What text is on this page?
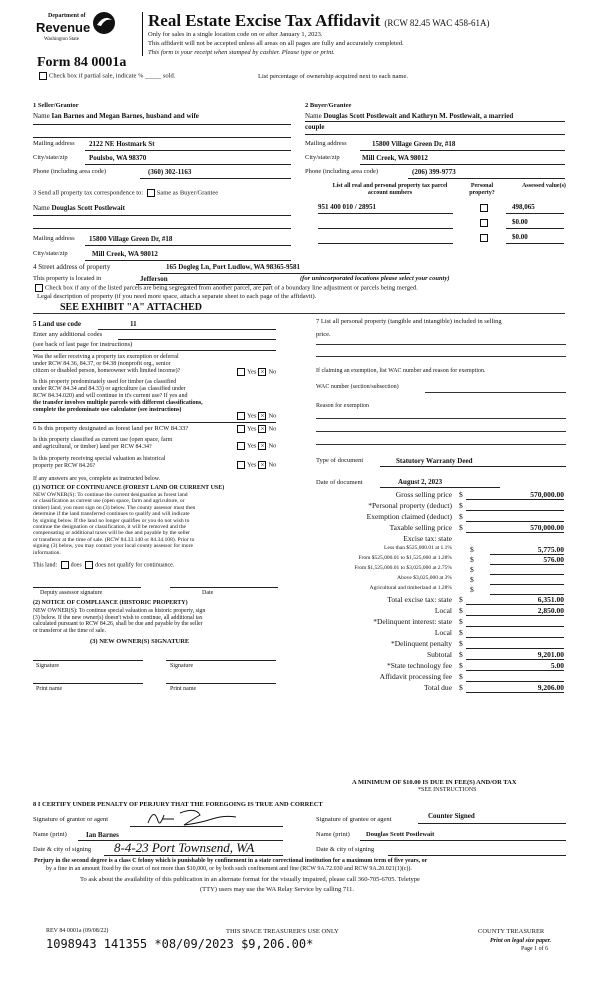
Department of
Revenue
Washington State
Real Estate Excise Tax Affidavit (RCW 82.45 WAC 458-61A)
Only for sales in a single location code on or after January 1, 2023.
This affidavit will not be accepted unless all areas on all pages are fully and accurately completed.
This form is your receipt when stamped by cashier. Please type or print.
Form 84 0001a
Check box if partial sale, indicate % _____ sold.	List percentage of ownership acquired next to each name.
1 Seller/Grantor
Name Ian Barnes and Megan Barnes, husband and wife
Mailing address 2122 NE Hostmark St
City/state/zip	Poulsbo, WA 98370
Phone (including area code)	(360) 302-1163
2 Buyer/Grantee
Name Douglas Scott Postlewait and Kathryn M. Postlewait, a married
couple
Mailing address	15800 Village Green Dr, #18
City/state/zip	Mill Creek, WA 98012
Phone (including area code)	(206) 399-9773
3 Send all property tax correspondence to: Same as Buyer/Grantee
Name Douglas Scott Postlewait
Mailing address 15800 Village Green Dr, #18
City/state/zip	Mill Creek, WA 98012
List all real and personal property tax parcel account numbers
Personal property?
Assessed value(s)
951 400 010 / 28951	498,065
$0.00
$0.00
4 Street address of property	165 Dogleg Ln, Port Ludlow, WA 98365-9581
This property is located in	Jefferson	(for unincorporated locations please select your county)
Check box if any of the listed parcels are being segregated from another parcel, are part of a boundary line adjustment or parcels being merged.
Legal description of property (if you need more space, attach a separate sheet to each page of the affidavit).
SEE EXHIBIT "A" ATTACHED
5 Land use code	11
Enter any additional codes
(see back of last page for instructions)
Was the seller receiving a property tax exemption or deferral
under RCW 84.36, 84.37, or 84.38 (nonprofit org., senior
citizen or disabled person, homeowner with limited income)?	Yes × No
Is this property predominately used for timber (as classified
under RCW 84.34 and 84.33) or agriculture (as classified under
RCW 84.34.020) and will continue in it's current use? If yes and
the transfer involves multiple parcels with different classifications,
complete the predominate use calculator (see instructions)
Yes × No
6 Is this property designated as forest land per RCW 84.33?	Yes × No
Is this property classified as current use (open space, farm
and agricultural, or timber) land per RCW 84.34?	Yes × No
Is this property receiving special valuation as historical
property per RCW 84.26?	Yes × No
If any answers are yes, complete as instructed below.
(1) NOTICE OF CONTINUANCE (FOREST LAND OR CURRENT USE)
NEW OWNER(S): To continue the current designation as forest land
or classification as current use (open space, farm and agriculture, or
timber) land, you must sign on (3) below. The county assessor must then
determine if the land transferred continues to qualify and will indicate
by signing below. If the land no longer qualifies or you do not wish to
continue the designation or classification, it will be removed and the
compensating or additional taxes will be due and payable by the seller
or transferor at the time of sale. (RCW 84.33.140 or 84.34.108). Prior to
signing (3) below, you may contact your local county assessor for more
information.
This land: does does not qualify for continuance.
Deputy assessor signature	Date
(2) NOTICE OF COMPLIANCE (HISTORIC PROPERTY)
NEW OWNER(S): To continue special valuation as historic property, sign
(3) below. If the new owner(s) doesn't wish to continue, all additional tax
calculated pursuant to RCW 84.26, shall be due and payable by the seller
or transferor at the time of sale.
(3) NEW OWNER(S) SIGNATURE
Signature	Signature
Print name	Print name
7 List all personal property (tangible and intangible) included in selling
price.
If claiming an exemption, list WAC number and reason for exemption.
WAC number (section/subsection)
Reason for exemption
Type of document	Statutory Warranty Deed
Date of document	August 2, 2023
Gross selling price $	570,000.00
*Personal property (deduct) $
Exemption claimed (deduct) $
Taxable selling price $	570,000.00
Excise tax: state
Less than $525,000.01 at 1.1% $	5,775.00
From $525,000.01 to $1,525,000 at 1.28% $	576.00
From $1,525,000.01 to $3,025,000 at 2.75% $
Above $3,025,000 at 3% $
Agricultural and timberland at 1.28% $
Total excise tax: state $	6,351.00
Local $	2,850.00
*Delinquent interest: state $
Local $
*Delinquent penalty $
Subtotal $	9,201.00
*State technology fee $	5.00
Affidavit processing fee $
Total due $	9,206.00
A MINIMUM OF $10.00 IS DUE IN FEE(S) AND/OR TAX
*SEE INSTRUCTIONS
8 I CERTIFY UNDER PENALTY OF PERJURY THAT THE FOREGOING IS TRUE AND CORRECT
Signature of grantor or agent	Signature of grantee or agent	Counter Signed
Name (print)	Ian Barnes	Name (print) Douglas Scott Postlewait
Date & city of signing 8-4-23 Port Townsend, WA	Date & city of signing
Perjury in the second degree is a class C felony which is punishable by confinement in a state correctional institution for a maximum term of five years, or
by a fine in an amount fixed by the court of not more than $10,000, or by both such confinement and fine (RCW 9A.72.030 and RCW 9A.20.021(1)(c)).
To ask about the availability of this publication in an alternate format for the visually impaired, please call 360-705-6705. Teletype
(TTY) users may use the WA Relay Service by calling 711.
REV 84 0001a (09/08/22)	THIS SPACE TREASURER'S USE ONLY
1098943 141355 *08/09/2023 $9,206.00*
COUNTY TREASURER
Print on legal size paper.
Page 1 of 6
